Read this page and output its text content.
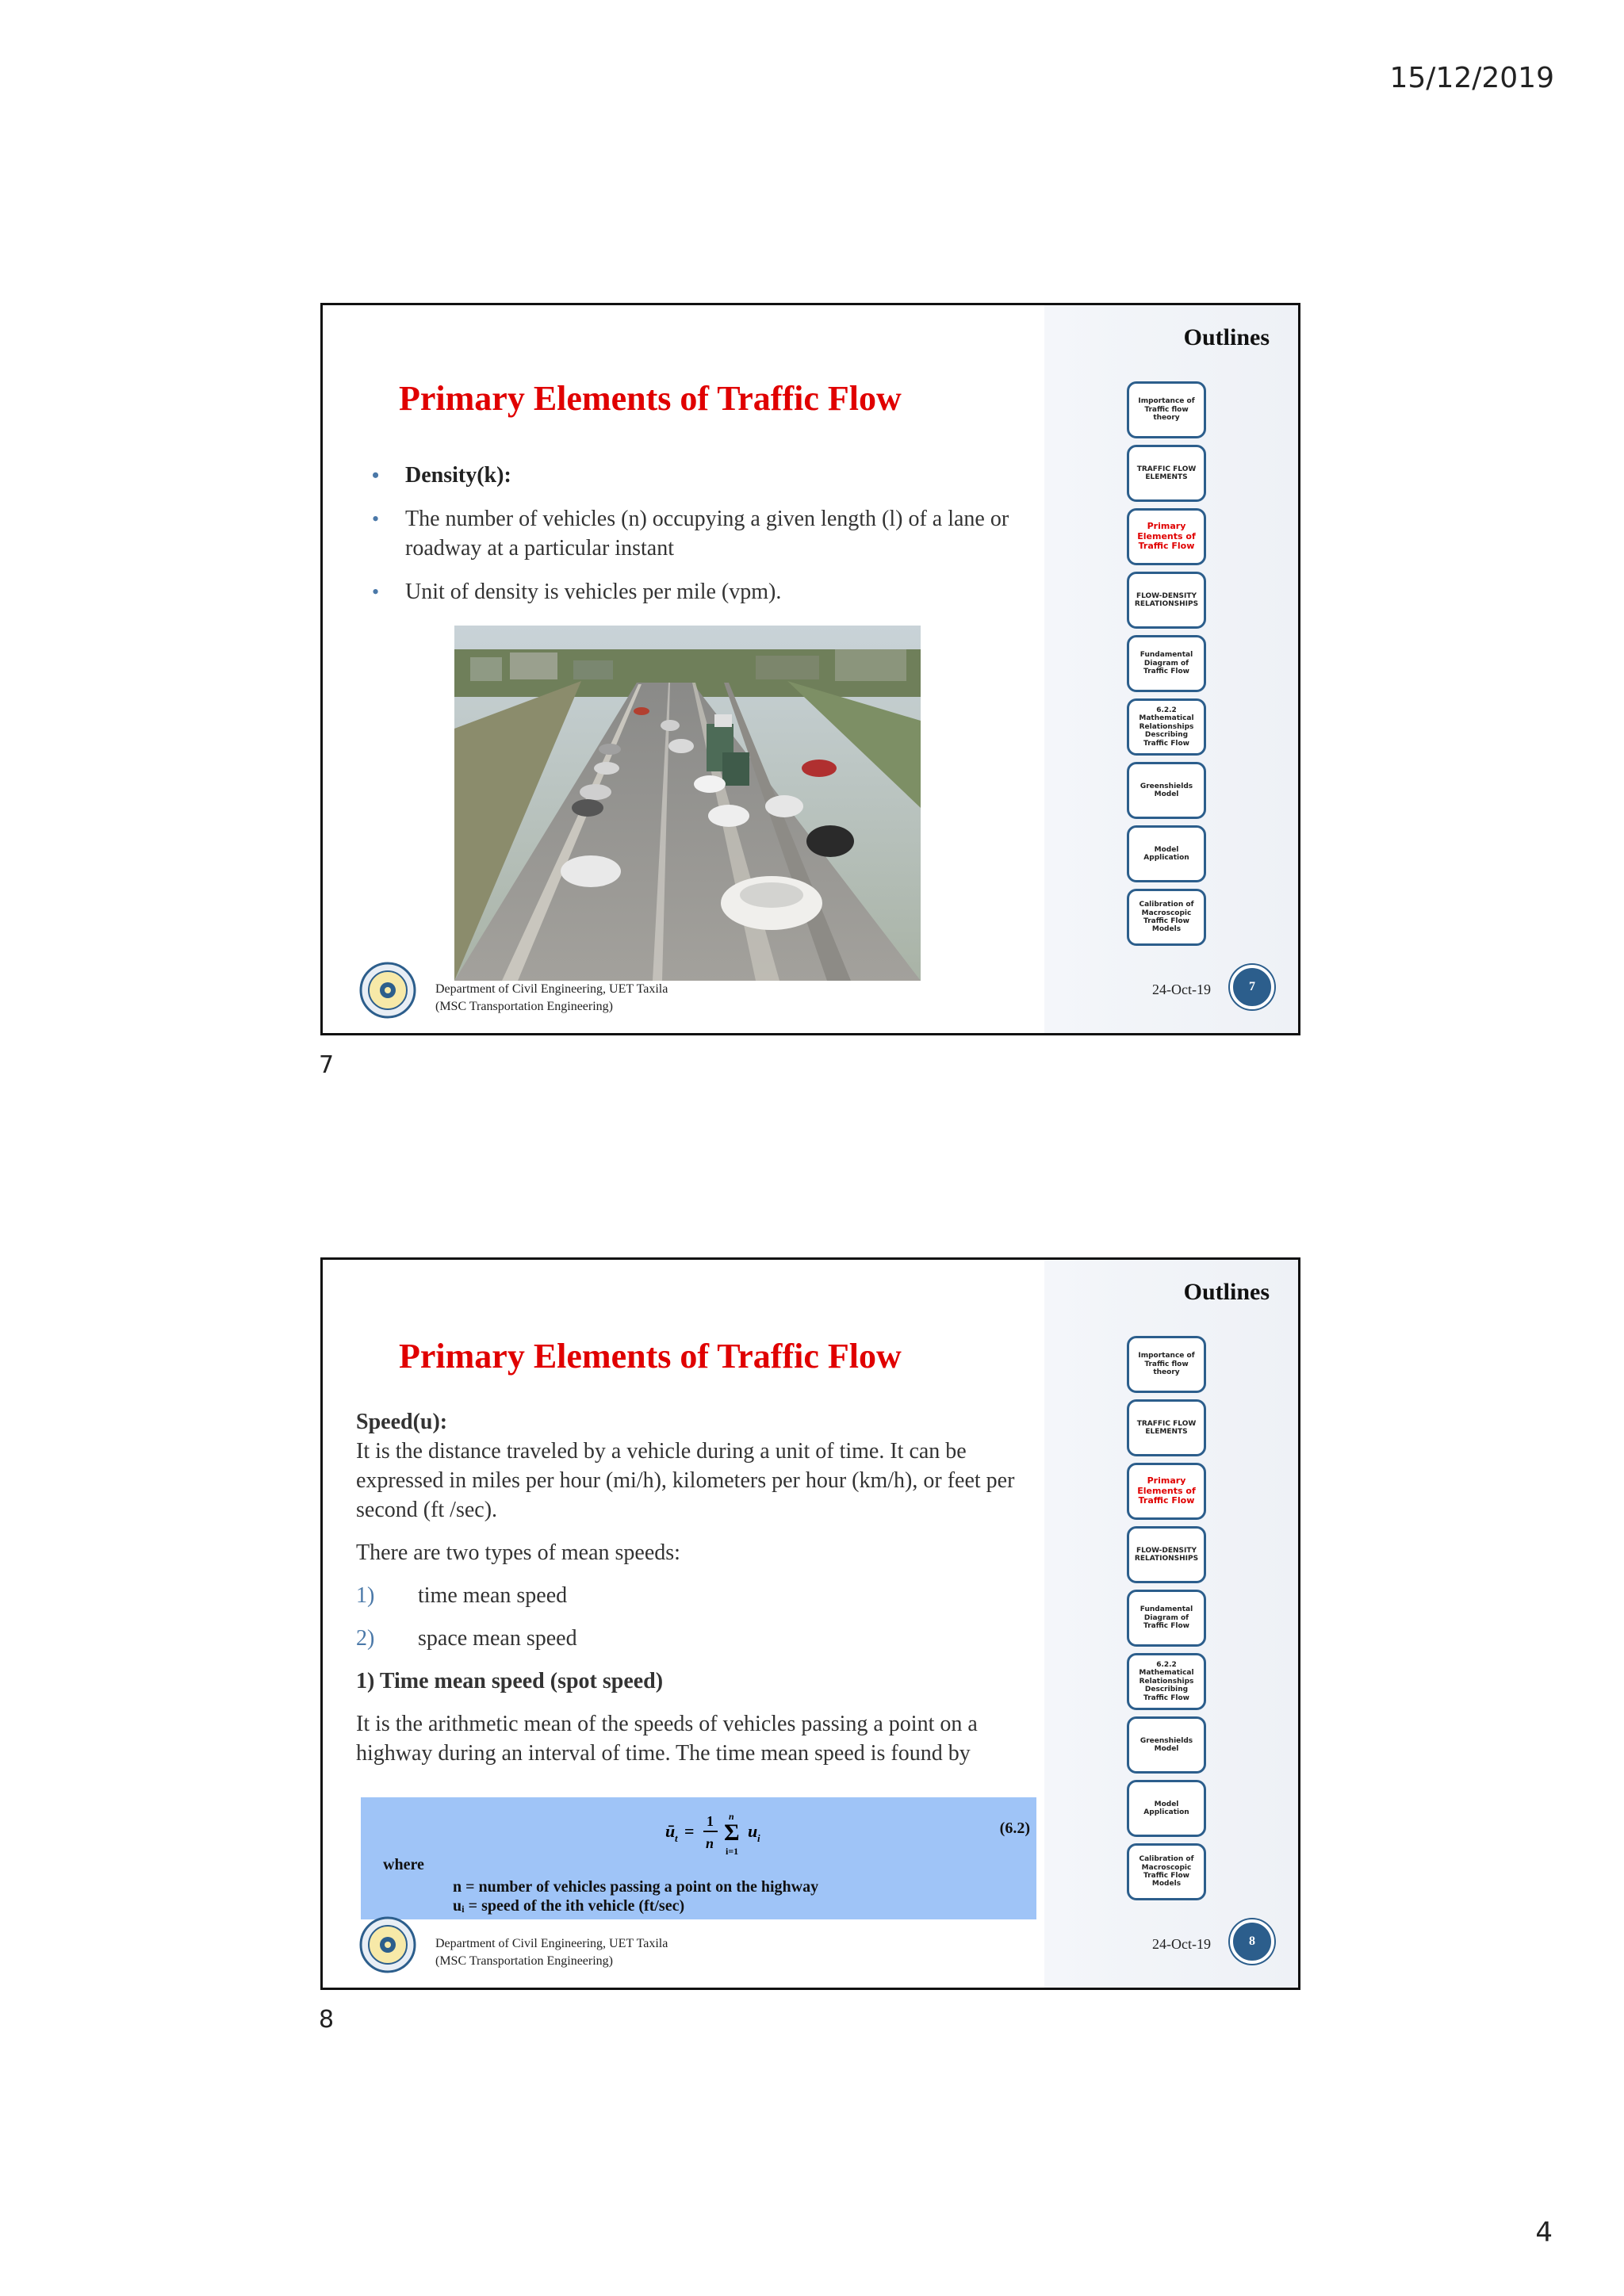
15/12/2019
Outlines
Importance of Traffic flow theory
TRAFFIC FLOW ELEMENTS
Primary Elements of Traffic Flow
FLOW-DENSITY RELATIONSHIPS
Fundamental Diagram of Traffic Flow
6.2.2 Mathematical Relationships Describing Traffic Flow
Greenshields Model
Model Application
Calibration of Macroscopic Traffic Flow Models
Primary Elements of Traffic Flow
• Density(k):
• The number of vehicles (n) occupying a given length (l) of a lane or roadway at a particular instant
• Unit of density is vehicles per mile (vpm).
Department of Civil Engineering, UET Taxila
(MSC Transportation Engineering)
24-Oct-19	7
7
Outlines
Importance of Traffic flow theory
TRAFFIC FLOW ELEMENTS
Primary Elements of Traffic Flow
FLOW-DENSITY RELATIONSHIPS
Fundamental Diagram of Traffic Flow
6.2.2 Mathematical Relationships Describing Traffic Flow
Greenshields Model
Model Application
Calibration of Macroscopic Traffic Flow Models
Primary Elements of Traffic Flow
Speed(u):

It is the distance traveled by a vehicle during a unit of time. It can be expressed in miles per hour (mi/h), kilometers per hour (km/h), or feet per second (ft /sec).

There are two types of mean speeds:

1)	time mean speed
2)	space mean speed

1) Time mean speed (spot speed)

It is the arithmetic mean of the speeds of vehicles passing a point on a highway during an interval of time. The time mean speed is found by

ū t = 1
n
n
Σ
i=1
u i
(6.2)
where
n = number of vehicles passing a point on the highway
uᵢ = speed of the ith vehicle (ft/sec)
Department of Civil Engineering, UET Taxila
(MSC Transportation Engineering)
24-Oct-19	8
8
4
